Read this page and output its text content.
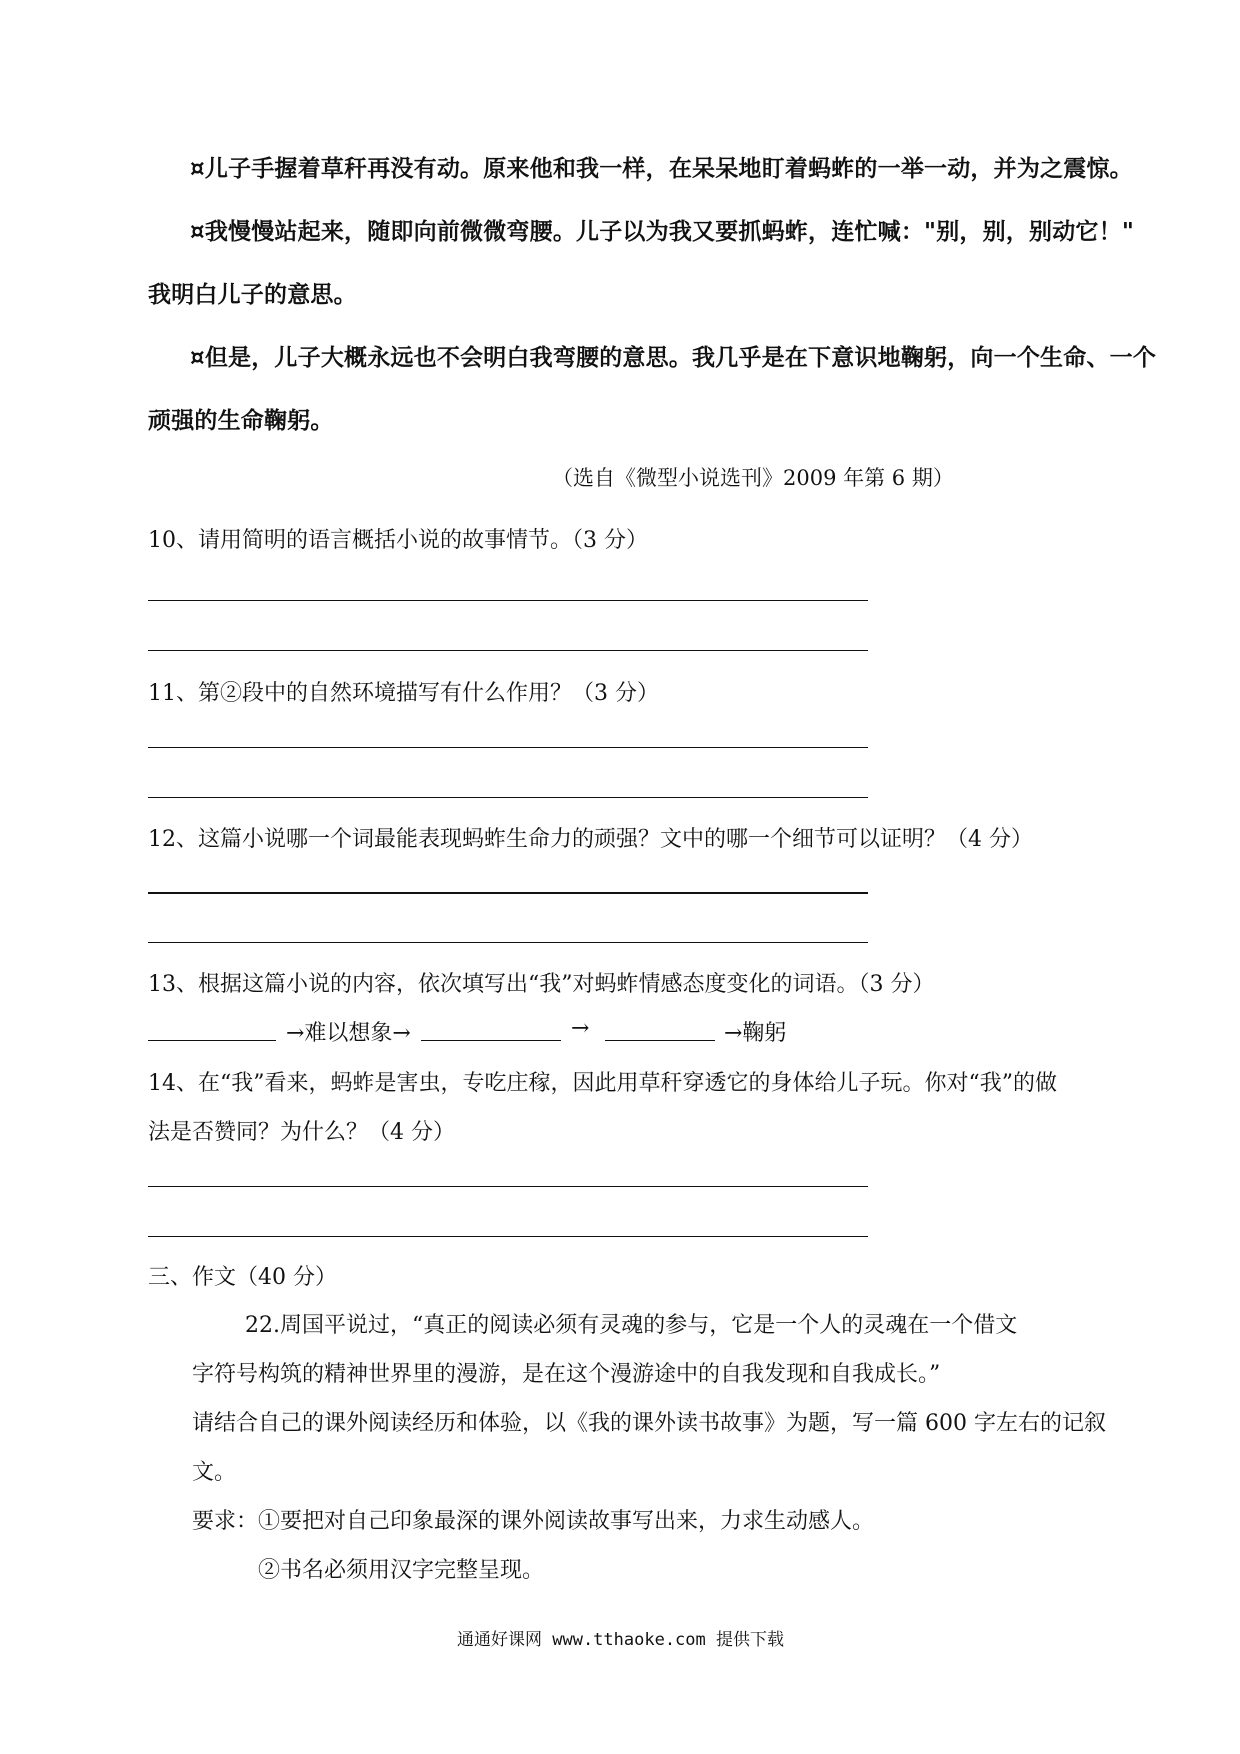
¤儿子手握着草秆再没有动。原来他和我一样，在呆呆地盯着蚂蚱的一举一动，并为之震惊。
¤我慢慢站起来，随即向前微微弯腰。儿子以为我又要抓蚂蚱，连忙喊："别，别，别动它！"
我明白儿子的意思。
¤但是，儿子大概永远也不会明白我弯腰的意思。我几乎是在下意识地鞠躬，向一个生命、一个
顽强的生命鞠躬。
（选自《微型小说选刊》2009 年第 6 期）
10、请用简明的语言概括小说的故事情节。（3 分）
11、第②段中的自然环境描写有什么作用？（3 分）
12、这篇小说哪一个词最能表现蚂蚱生命力的顽强？文中的哪一个细节可以证明？（4 分）
13、根据这篇小说的内容，依次填写出“我”对蚂蚱情感态度变化的词语。（3 分）
→难以想象→	→	→鞠躬
14、在“我”看来，蚂蚱是害虫，专吃庄稼，因此用草秆穿透它的身体给儿子玩。你对“我”的做
法是否赞同？为什么？（4 分）
三、作文（40 分）
22.周国平说过，“真正的阅读必须有灵魂的参与，它是一个人的灵魂在一个借文
字符号构筑的精神世界里的漫游，是在这个漫游途中的自我发现和自我成长。”
请结合自己的课外阅读经历和体验，以《我的课外读书故事》为题，写一篇 600 字左右的记叙
文。
要求：①要把对自己印象最深的课外阅读故事写出来，力求生动感人。
②书名必须用汉字完整呈现。
通通好课网 www.tthaoke.com 提供下载
